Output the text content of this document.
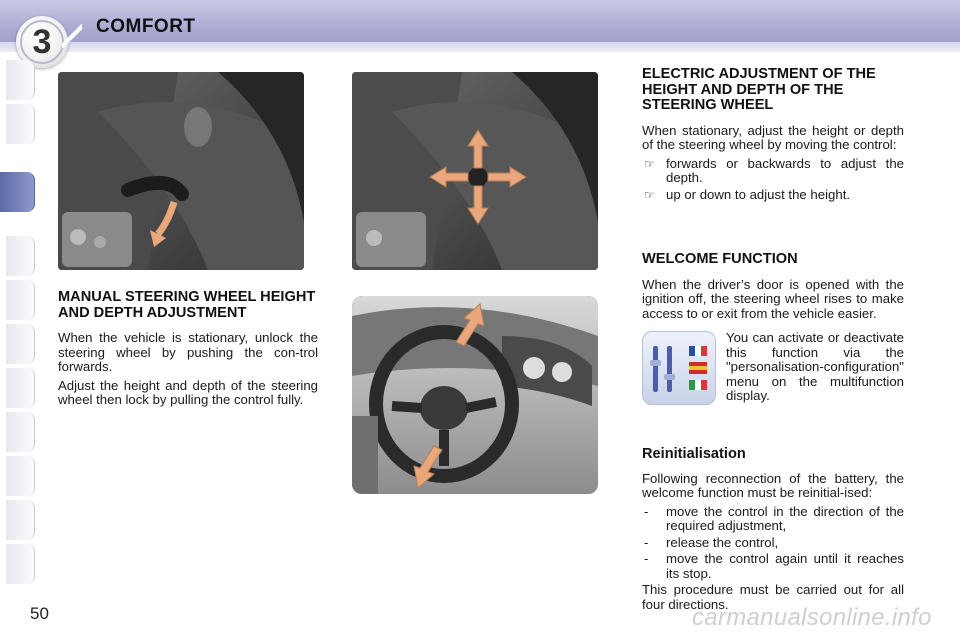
3 COMFORT
MANUAL STEERING WHEEL HEIGHT AND DEPTH ADJUSTMENT

When the vehicle is stationary, unlock the steering wheel by pushing the con-trol forwards.

Adjust the height and depth of the steering wheel then lock by pulling the control fully.

ELECTRIC ADJUSTMENT OF THE HEIGHT AND DEPTH OF THE STEERING WHEEL

When stationary, adjust the height or depth of the steering wheel by moving the control:

☞ forwards or backwards to adjust the depth.
☞ up or down to adjust the height.
WELCOME FUNCTION

When the driver’s door is opened with the ignition off, the steering wheel rises to make access to or exit from the vehicle easier.

You can activate or deactivate this function via the "personalisation-configuration" menu on the multifunction display.
Reinitialisation

Following reconnection of the battery, the welcome function must be reinitial-ised:

- move the control in the direction of the required adjustment,
- release the control,
- move the control again until it reaches its stop.

This procedure must be carried out for all four directions.

50	carmanualsonline.info
